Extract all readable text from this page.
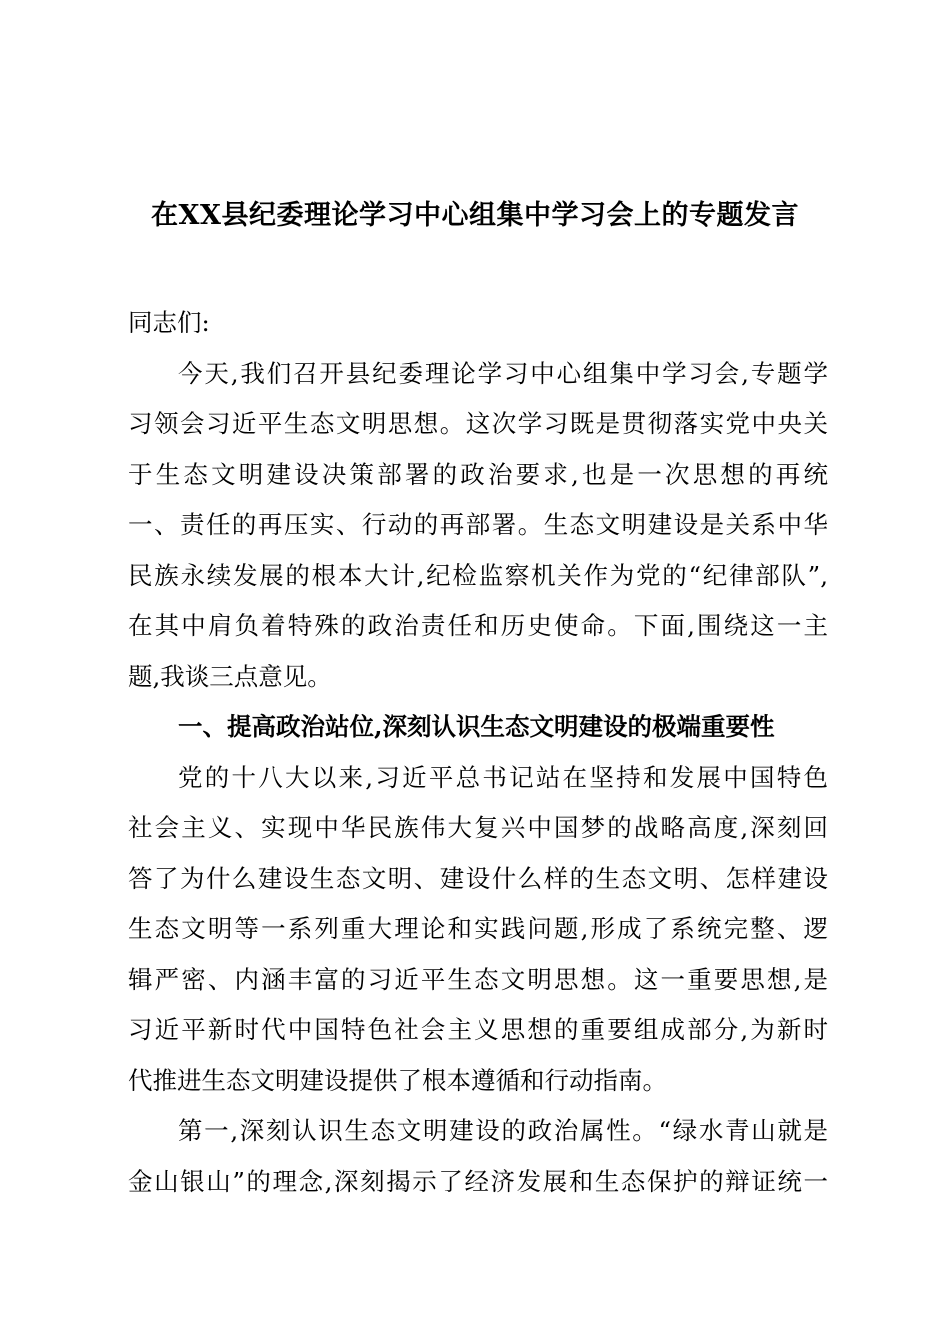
在XX县纪委理论学习中心组集中学习会上的专题发言
同志们:
今天,我们召开县纪委理论学习中心组集中学习会,专题学
习领会习近平生态文明思想。这次学习既是贯彻落实党中央关
于生态文明建设决策部署的政治要求,也是一次思想的再统
一、责任的再压实、行动的再部署。生态文明建设是关系中华
民族永续发展的根本大计,纪检监察机关作为党的“纪律部队”,
在其中肩负着特殊的政治责任和历史使命。下面,围绕这一主
题,我谈三点意见。
一、提高政治站位,深刻认识生态文明建设的极端重要性
党的十八大以来,习近平总书记站在坚持和发展中国特色
社会主义、实现中华民族伟大复兴中国梦的战略高度,深刻回
答了为什么建设生态文明、建设什么样的生态文明、怎样建设
生态文明等一系列重大理论和实践问题,形成了系统完整、逻
辑严密、内涵丰富的习近平生态文明思想。这一重要思想,是
习近平新时代中国特色社会主义思想的重要组成部分,为新时
代推进生态文明建设提供了根本遵循和行动指南。
第一,深刻认识生态文明建设的政治属性。“绿水青山就是
金山银山”的理念,深刻揭示了经济发展和生态保护的辩证统一
